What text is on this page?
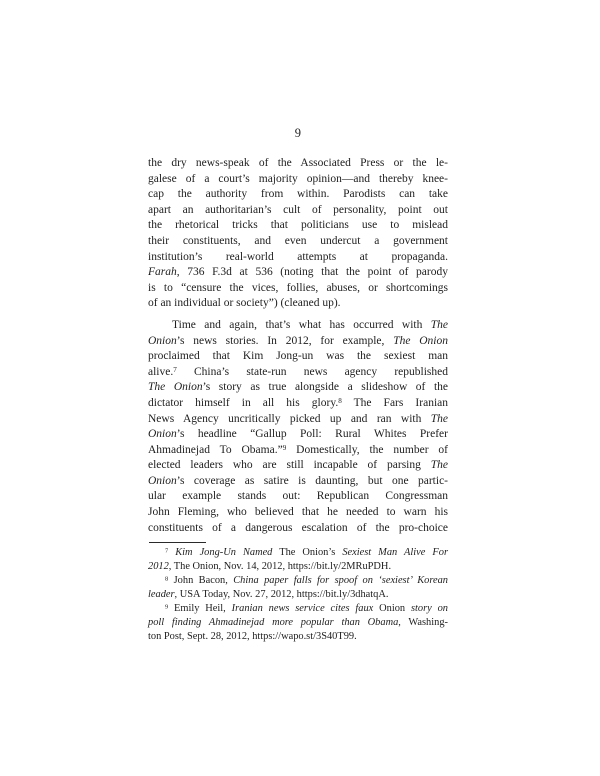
9
the dry news-speak of the Associated Press or the le-
galese of a court’s majority opinion—and thereby knee-
cap the authority from within. Parodists can take
apart an authoritarian’s cult of personality, point out
the rhetorical tricks that politicians use to mislead
their constituents, and even undercut a government
institution’s real-world attempts at propaganda.
Farah, 736 F.3d at 536 (noting that the point of parody
is to “censure the vices, follies, abuses, or shortcomings
of an individual or society”) (cleaned up).
Time and again, that’s what has occurred with The
Onion’s news stories. In 2012, for example, The Onion
proclaimed that Kim Jong-un was the sexiest man
alive.$^7$ China’s state-run news agency republished
The Onion’s story as true alongside a slideshow of the
dictator himself in all his glory.$^8$ The Fars Iranian
News Agency uncritically picked up and ran with The
Onion’s headline “Gallup Poll: Rural Whites Prefer
Ahmadinejad To Obama.”$^9$ Domestically, the number of
elected leaders who are still incapable of parsing The
Onion’s coverage as satire is daunting, but one partic-
ular example stands out: Republican Congressman
John Fleming, who believed that he needed to warn his
constituents of a dangerous escalation of the pro-choice
$^7$ Kim Jong-Un Named The Onion’s Sexiest Man Alive For
2012, The Onion, Nov. 14, 2012, https://bit.ly/2MRuPDH.
$^8$ John Bacon, China paper falls for spoof on ‘sexiest’ Korean
leader, USA Today, Nov. 27, 2012, https://bit.ly/3dhatqA.
$^9$ Emily Heil, Iranian news service cites faux Onion story on
poll finding Ahmadinejad more popular than Obama, Washing-
ton Post, Sept. 28, 2012, https://wapo.st/3S40T99.
